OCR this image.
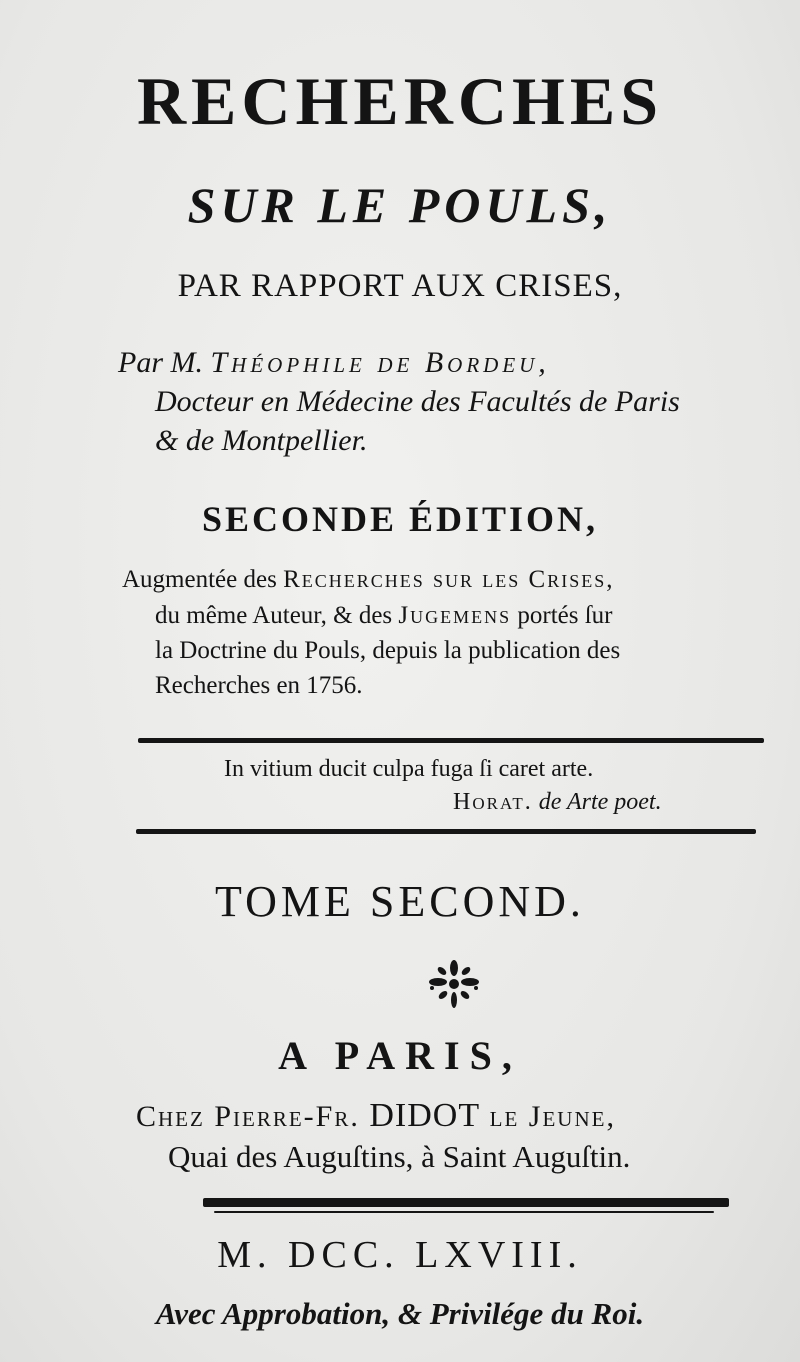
RECHERCHES
SUR LE POULS,
PAR RAPPORT AUX CRISES,
Par M. Théophile de Bordeu,
Docteur en Médecine des Facultés de Paris
& de Montpellier.
SECONDE ÉDITION,
Augmentée des Recherches sur les Crises,
du même Auteur, & des Jugemens portés ſur
la Doctrine du Pouls, depuis la publication des
Recherches en 1756.
In vitium ducit culpa fuga ſi caret arte.
Horat. de Arte poet.
TOME SECOND.
A PARIS,
Chez Pierre-Fr. DIDOT le Jeune,
Quai des Auguſtins, à Saint Auguſtin.
M. DCC. LXVIII.
Avec Approbation, & Privilége du Roi.
